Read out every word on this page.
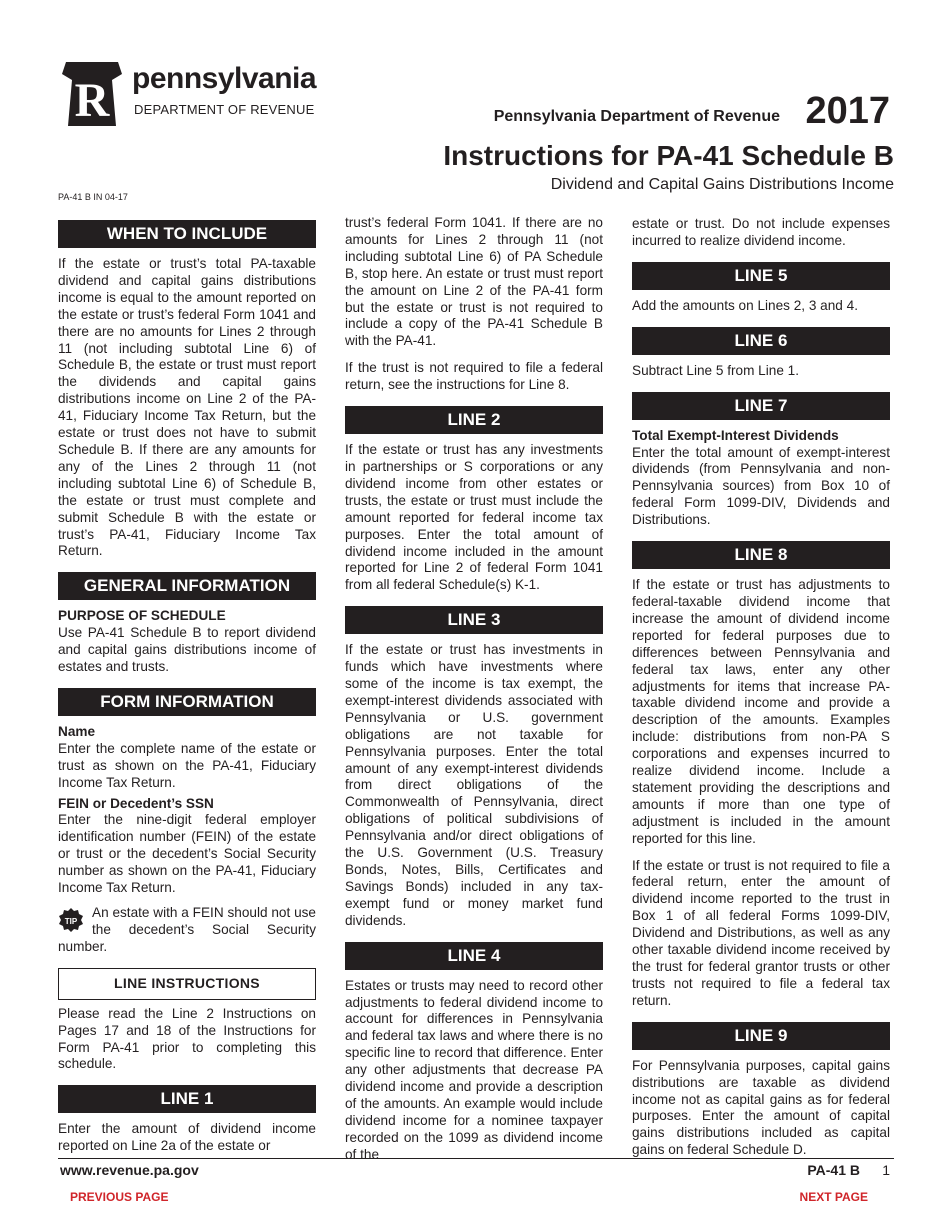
R pennsylvania
DEPARTMENT OF REVENUE	Pennsylvania Department of Revenue 2017
Instructions for PA-41 Schedule B
Dividend and Capital Gains Distributions Income
PA-41 B IN 04-17
WHEN TO INCLUDE

If the estate or trust’s total PA-taxable dividend and capital gains distributions income is equal to the amount reported on the estate or trust’s federal Form 1041 and there are no amounts for Lines 2 through 11 (not including subtotal Line 6) of Schedule B, the estate or trust must report the dividends and capital gains distributions income on Line 2 of the PA-41, Fiduciary Income Tax Return, but the estate or trust does not have to submit Schedule B. If there are any amounts for any of the Lines 2 through 11 (not including subtotal Line 6) of Schedule B, the estate or trust must complete and submit Schedule B with the estate or trust’s PA-41, Fiduciary Income Tax Return.

GENERAL INFORMATION
PURPOSE OF SCHEDULE

Use PA-41 Schedule B to report dividend and capital gains distributions income of estates and trusts.

FORM INFORMATION
Name

Enter the complete name of the estate or trust as shown on the PA-41, Fiduciary Income Tax Return.

FEIN or Decedent’s SSN

Enter the nine-digit federal employer identification number (FEIN) of the estate or trust or the decedent’s Social Security number as shown on the PA-41, Fiduciary Income Tax Return.

TIP

An estate with a FEIN should not use the decedent’s Social Security number.

LINE INSTRUCTIONS

Please read the Line 2 Instructions on Pages 17 and 18 of the Instructions for Form PA-41 prior to completing this schedule.

LINE 1

Enter the amount of dividend income reported on Line 2a of the estate or

trust’s federal Form 1041. If there are no amounts for Lines 2 through 11 (not including subtotal Line 6) of PA Schedule B, stop here. An estate or trust must report the amount on Line 2 of the PA-41 form but the estate or trust is not required to include a copy of the PA-41 Schedule B with the PA-41.

If the trust is not required to file a federal return, see the instructions for Line 8.

LINE 2

If the estate or trust has any investments in partnerships or S corporations or any dividend income from other estates or trusts, the estate or trust must include the amount reported for federal income tax purposes. Enter the total amount of dividend income included in the amount reported for Line 2 of federal Form 1041 from all federal Schedule(s) K-1.

LINE 3

If the estate or trust has investments in funds which have investments where some of the income is tax exempt, the exempt-interest dividends associated with Pennsylvania or U.S. government obligations are not taxable for Pennsylvania purposes. Enter the total amount of any exempt-interest dividends from direct obligations of the Commonwealth of Pennsylvania, direct obligations of political subdivisions of Pennsylvania and/or direct obligations of the U.S. Government (U.S. Treasury Bonds, Notes, Bills, Certificates and Savings Bonds) included in any tax-exempt fund or money market fund dividends.

LINE 4

Estates or trusts may need to record other adjustments to federal dividend income to account for differences in Pennsylvania and federal tax laws and where there is no specific line to record that difference. Enter any other adjustments that decrease PA dividend income and provide a description of the amounts. An example would include dividend income for a nominee taxpayer recorded on the 1099 as dividend income of the

estate or trust. Do not include expenses incurred to realize dividend income.

LINE 5

Add the amounts on Lines 2, 3 and 4.

LINE 6

Subtract Line 5 from Line 1.

LINE 7
Total Exempt-Interest Dividends

Enter the total amount of exempt-interest dividends (from Pennsylvania and non-Pennsylvania sources) from Box 10 of federal Form 1099-DIV, Dividends and Distributions.

LINE 8

If the estate or trust has adjustments to federal-taxable dividend income that increase the amount of dividend income reported for federal purposes due to differences between Pennsylvania and federal tax laws, enter any other adjustments for items that increase PA-taxable dividend income and provide a description of the amounts. Examples include: distributions from non-PA S corporations and expenses incurred to realize dividend income. Include a statement providing the descriptions and amounts if more than one type of adjustment is included in the amount reported for this line.

If the estate or trust is not required to file a federal return, enter the amount of dividend income reported to the trust in Box 1 of all federal Forms 1099-DIV, Dividend and Distributions, as well as any other taxable dividend income received by the trust for federal grantor trusts or other trusts not required to file a federal tax return.

LINE 9

For Pennsylvania purposes, capital gains distributions are taxable as dividend income not as capital gains as for federal purposes. Enter the amount of capital gains distributions included as capital gains on federal Schedule D.

www.revenue.pa.gov	PA-41 B 1
PREVIOUS PAGE	NEXT PAGE
